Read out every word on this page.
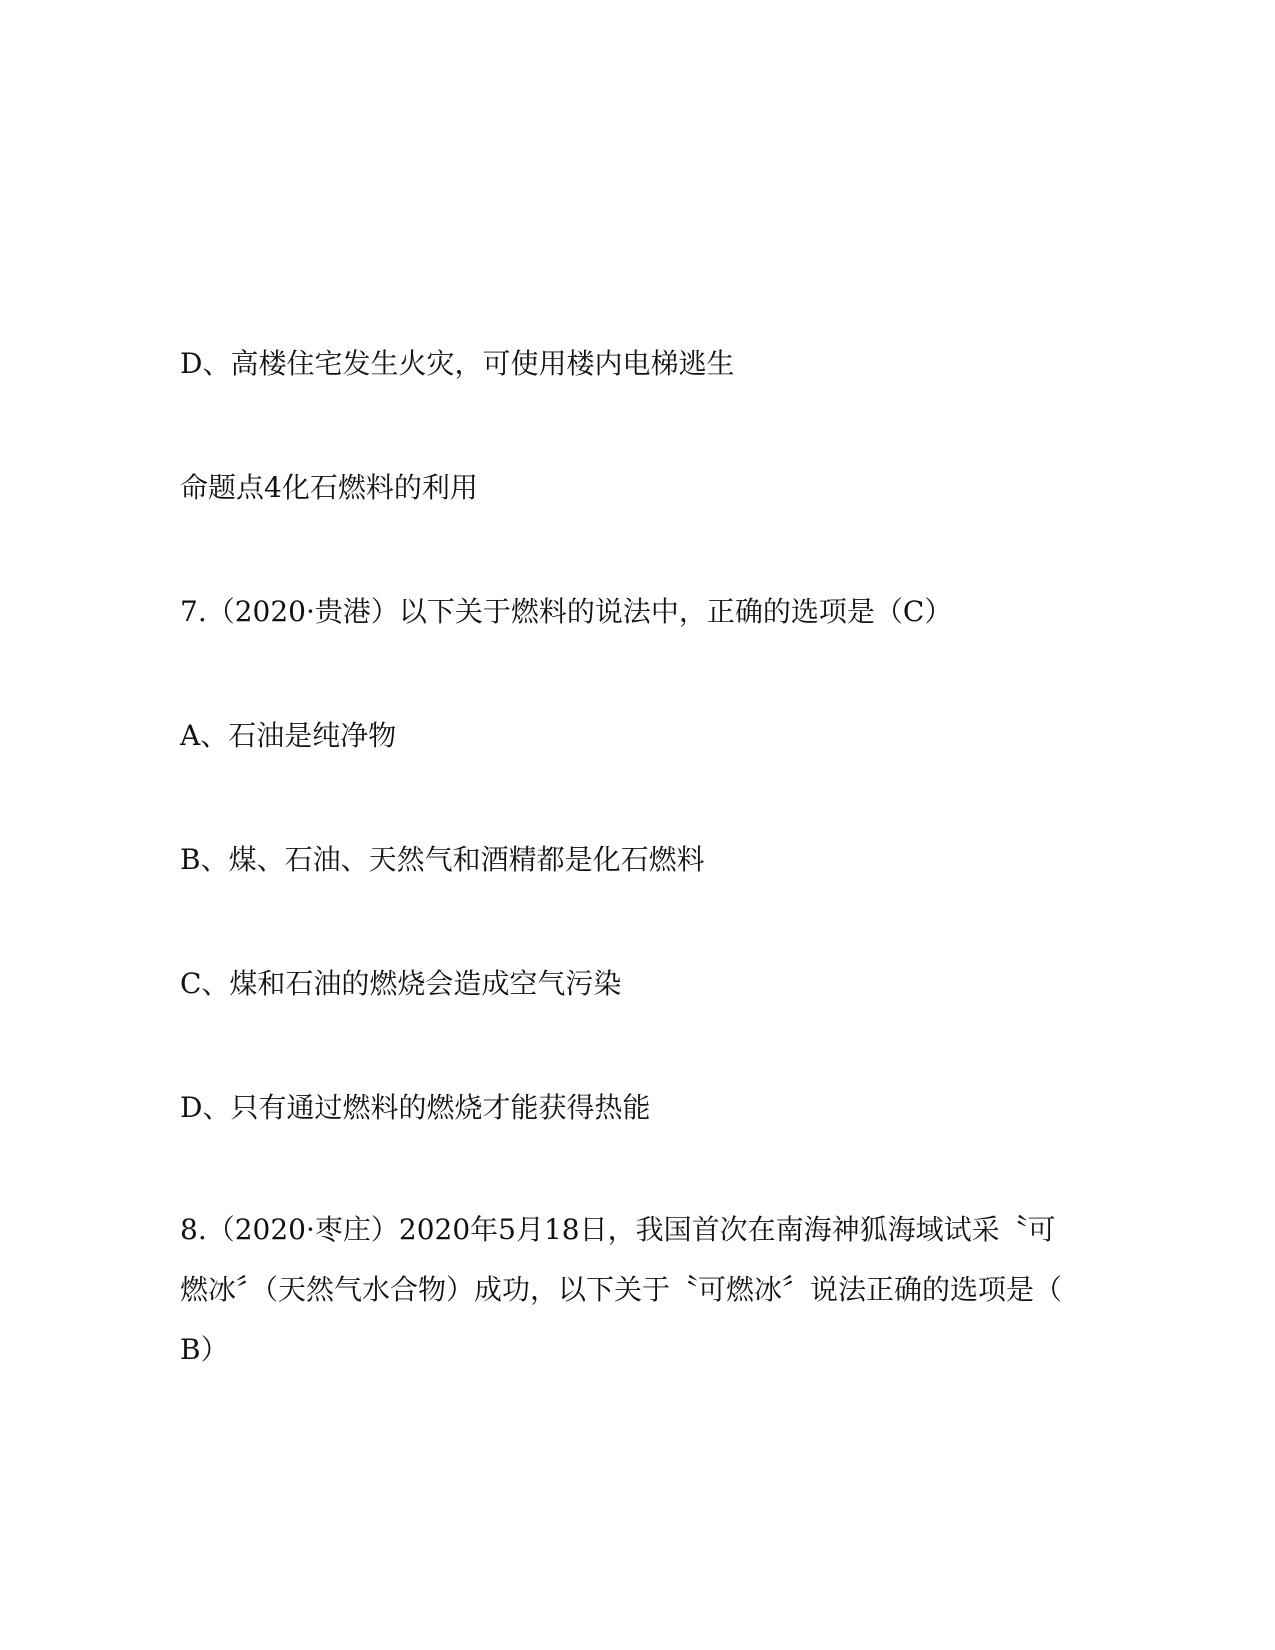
D、高楼住宅发生火灾，可使用楼内电梯逃生
命题点4化石燃料的利用
7.（2020·贵港）以下关于燃料的说法中，正确的选项是（C）
A、石油是纯净物
B、煤、石油、天然气和酒精都是化石燃料
C、煤和石油的燃烧会造成空气污染
D、只有通过燃料的燃烧才能获得热能
8.（2020·枣庄）2020年5月18日，我国首次在南海神狐海域试采〝可
燃冰〞（天然气水合物）成功，以下关于〝可燃冰〞说法正确的选项是（
B）
